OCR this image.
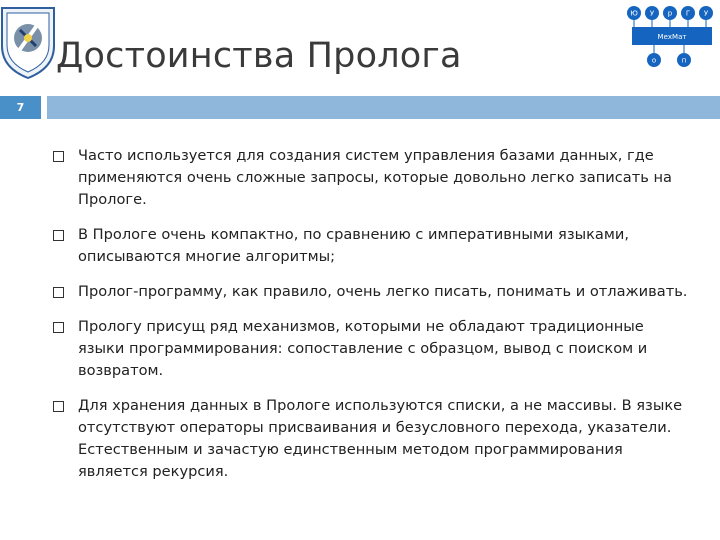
Достоинства Пролога
Ю У р Г У
МехМат
о	п
7
Часто используется для создания систем управления базами данных, где применяются очень сложные запросы, которые довольно легко записать на Прологе.
В Прологе очень компактно, по сравнению с императивными языками, описываются многие алгоритмы;
Пролог-программу, как правило, очень легко писать, понимать и отлаживать.
Прологу присущ ряд механизмов, которыми не обладают традиционные языки программирования: сопоставление с образцом, вывод с поиском и возвратом.
Для хранения данных в Прологе используются списки, а не массивы. В языке отсутствуют операторы присваивания и безусловного перехода, указатели. Естественным и зачастую единственным методом программирования является рекурсия.
